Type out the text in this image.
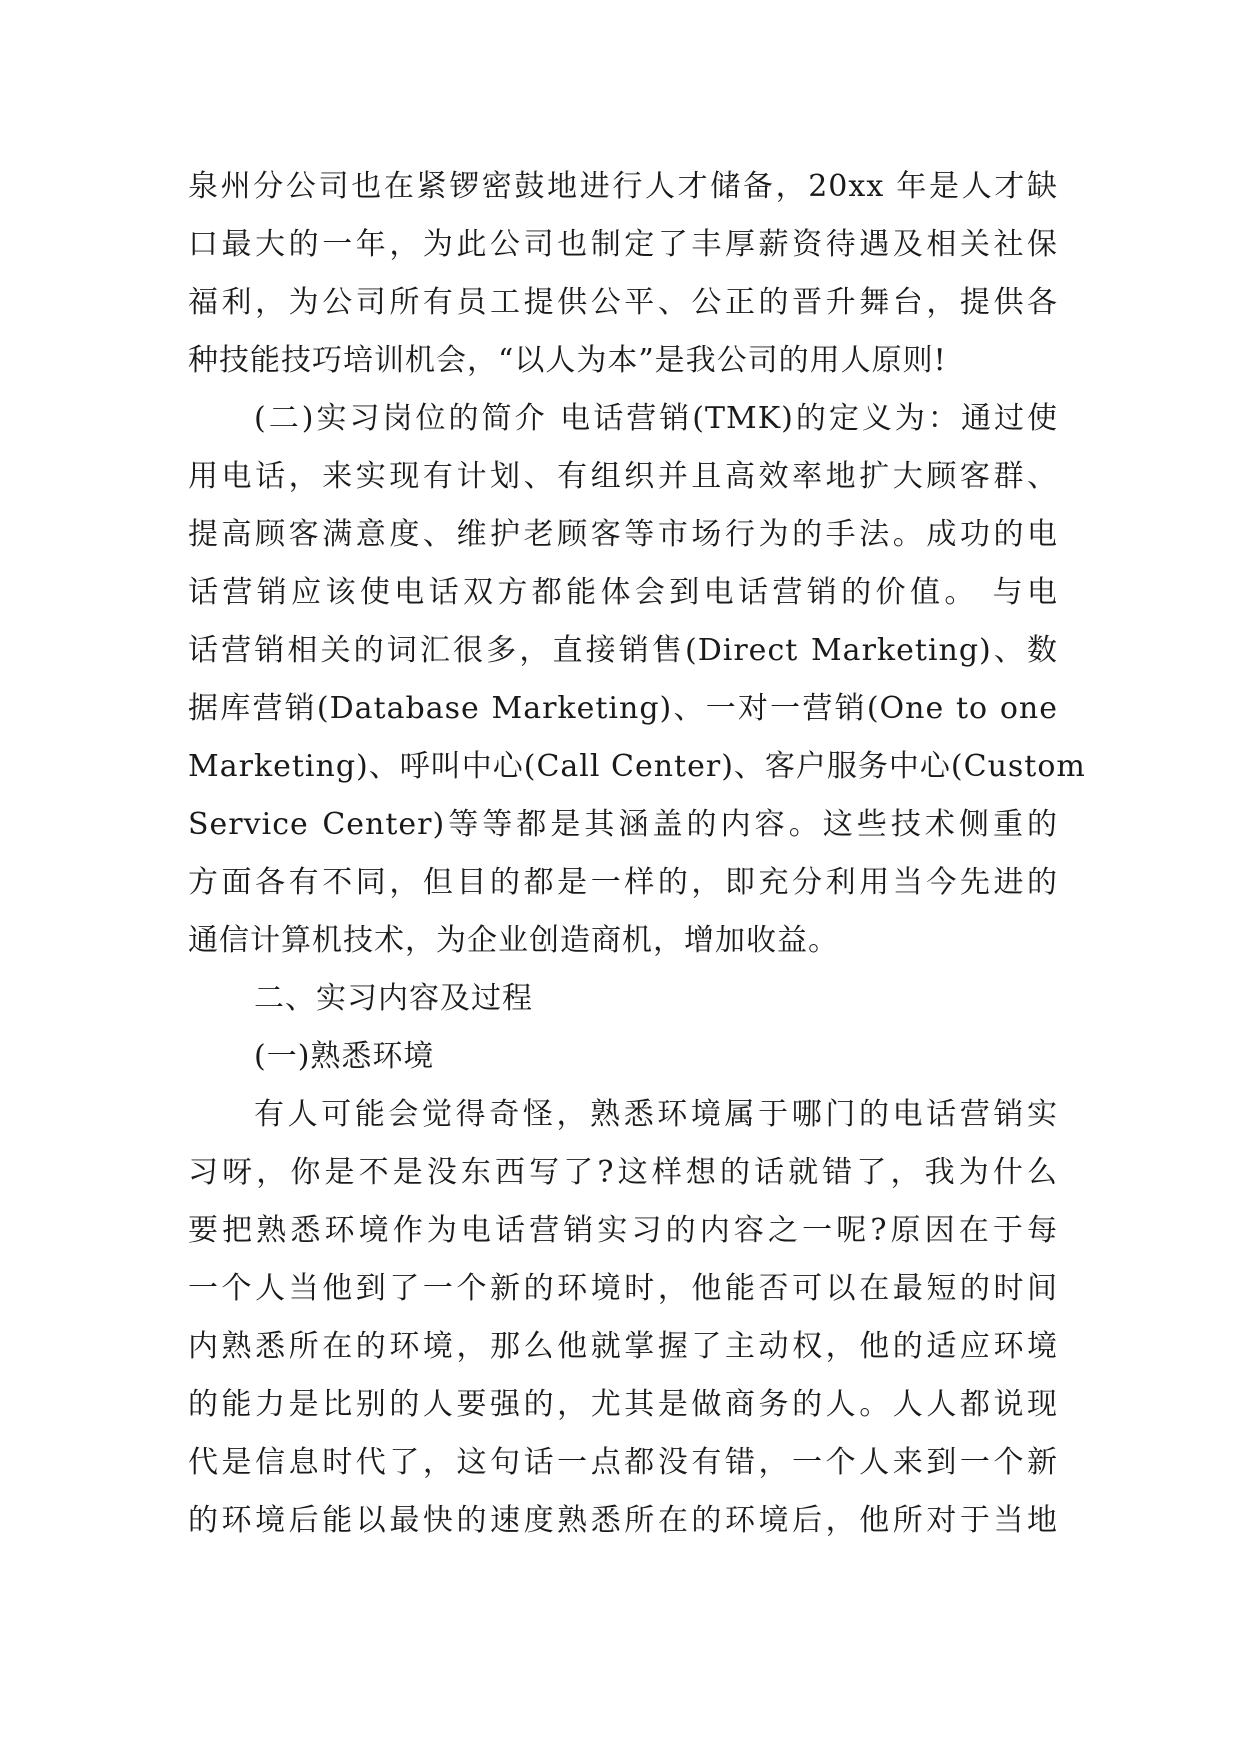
泉州分公司也在紧锣密鼓地进行人才储备，20xx 年是人才缺
口最大的一年，为此公司也制定了丰厚薪资待遇及相关社保
福利，为公司所有员工提供公平、公正的晋升舞台，提供各
种技能技巧培训机会，“以人为本”是我公司的用人原则!
(二)实习岗位的简介 电话营销(TMK)的定义为：通过使
用电话，来实现有计划、有组织并且高效率地扩大顾客群、
提高顾客满意度、维护老顾客等市场行为的手法。成功的电
话营销应该使电话双方都能体会到电话营销的价值。 与电
话营销相关的词汇很多，直接销售(Direct Marketing)、数
据库营销(Database Marketing)、一对一营销(One to one
Marketing)、呼叫中心(Call Center)、客户服务中心(Custom
Service Center)等等都是其涵盖的内容。这些技术侧重的
方面各有不同，但目的都是一样的，即充分利用当今先进的
通信计算机技术，为企业创造商机，增加收益。
二、实习内容及过程
(一)熟悉环境
有人可能会觉得奇怪，熟悉环境属于哪门的电话营销实
习呀，你是不是没东西写了?这样想的话就错了，我为什么
要把熟悉环境作为电话营销实习的内容之一呢?原因在于每
一个人当他到了一个新的环境时，他能否可以在最短的时间
内熟悉所在的环境，那么他就掌握了主动权，他的适应环境
的能力是比别的人要强的，尤其是做商务的人。人人都说现
代是信息时代了，这句话一点都没有错，一个人来到一个新
的环境后能以最快的速度熟悉所在的环境后，他所对于当地
